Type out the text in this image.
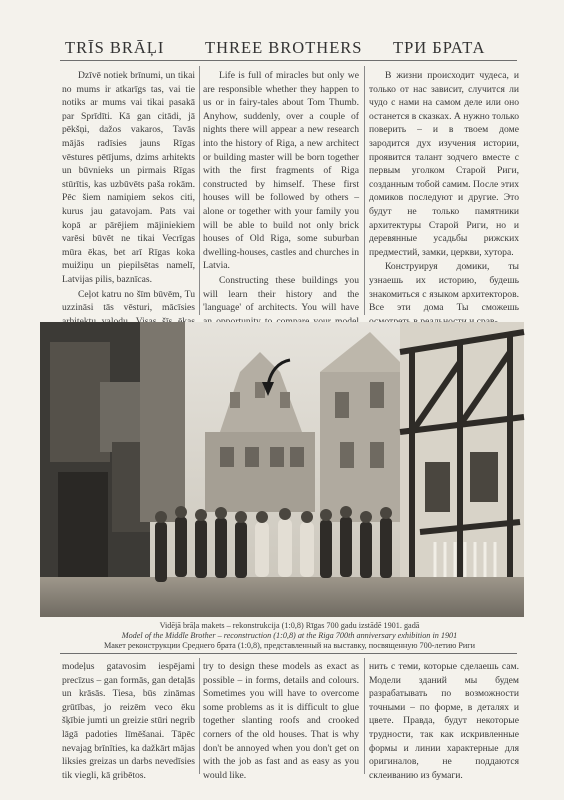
TRĪS BRĀĻI THREE BROTHERS ТРИ БРАТА

Dzīvē notiek brīnumi, un tikai no mums ir atkarīgs tas, vai tie notiks ar mums vai tikai pasakā par Sprīdīti. Kā gan citādi, jā pēkšņi, dažos vakaros, Tavās mājās radīsies jauns Rīgas vēstures pētījums, dzims arhitekts un būvnieks un pirmais Rīgas stūrītis, kas uzbūvēts paša rokām. Pēc šiem namiņiem sekos citi, kurus jau gatavojam. Pats vai kopā ar pārējiem mājiniekiem varēsi būvēt ne tikai Vecrīgas mūra ēkas, bet arī Rīgas koka muižiņu un piepilsētas namelī, Latvijas pilis, baznīcas.

Ceļot katru no šīm būvēm, Tu uzzināsi tās vēsturi, mācīsies

Life is full of miracles but only we are responsible whether they happen to us or in fairy-tales about Tom Thumb. Anyhow, suddenly, over a couple of nights there will appear a new research into the history of Riga, a new architect or building master will be born together with the first fragments of Riga constructed by himself. These first houses will be followed by others – alone or together with your family you will be able to build not only brick houses of Old Riga, some suburban dwelling-houses, castles and churches in Latvia.

Constructing these buildings you will learn their history and the 'language' of architects. You will have

В жизни происходит чудеса, и только от нас зависит, случится ли чудо с нами на самом деле или оно останется в сказках. А нужно только поверить – и в твоем доме зародится дух изучения истории, проявится талант зодчего вместе с первым уголком Старой Риги, созданным тобой самим. После этих домиков последуют и другие. Это будут не только памятники архитектуры Старой Риги, но и деревянные усадьбы рижских предместий, замки, церкви, хутора.

Конструируя домики, ты узнаешь их историю, будешь знакомиться с языком архитекторов. Все эти дома Ты сможешь

Vidējā brāļa makets – rekonstrukcija (1:0,8) Rīgas 700 gadu izstādē 1901. gadā
Model of the Middle Brother – reconstruction (1:0,8) at the Riga 700th anniversary exhibition in 1901
Макет реконструкции Среднего брата (1:0,8), представленный на выставку, посвященную 700-летию Риги

modeļus gatavosim iespējami precīzus – gan formās, gan detaļās un krāsās. Tiesa, būs zināmas grūtības, jo reizēm veco ēku šķībie jumti un greizie stūri negrib lāgā padoties līmēšanai. Tāpēc nevajag brīnīties, ka dažkārt mājas liksies greizas un darbs nevedīsies tik viegli, kā gribētos.

try to design these models as exact as possible – in forms, details and colours. Sometimes you will have to overcome some problems as it is difficult to glue together slanting roofs and crooked corners of the old houses. That is why don't be annoyed when you don't get on with the job as fast and as easy as you would like.

нить с теми, которые сделаешь сам. Модели зданий мы будем разрабатывать по возможности точными – по форме, в деталях и цвете. Правда, будут некоторые трудности, так как искривленные формы и линии характерные для оригиналов, не поддаются склеиванию из бумаги.
